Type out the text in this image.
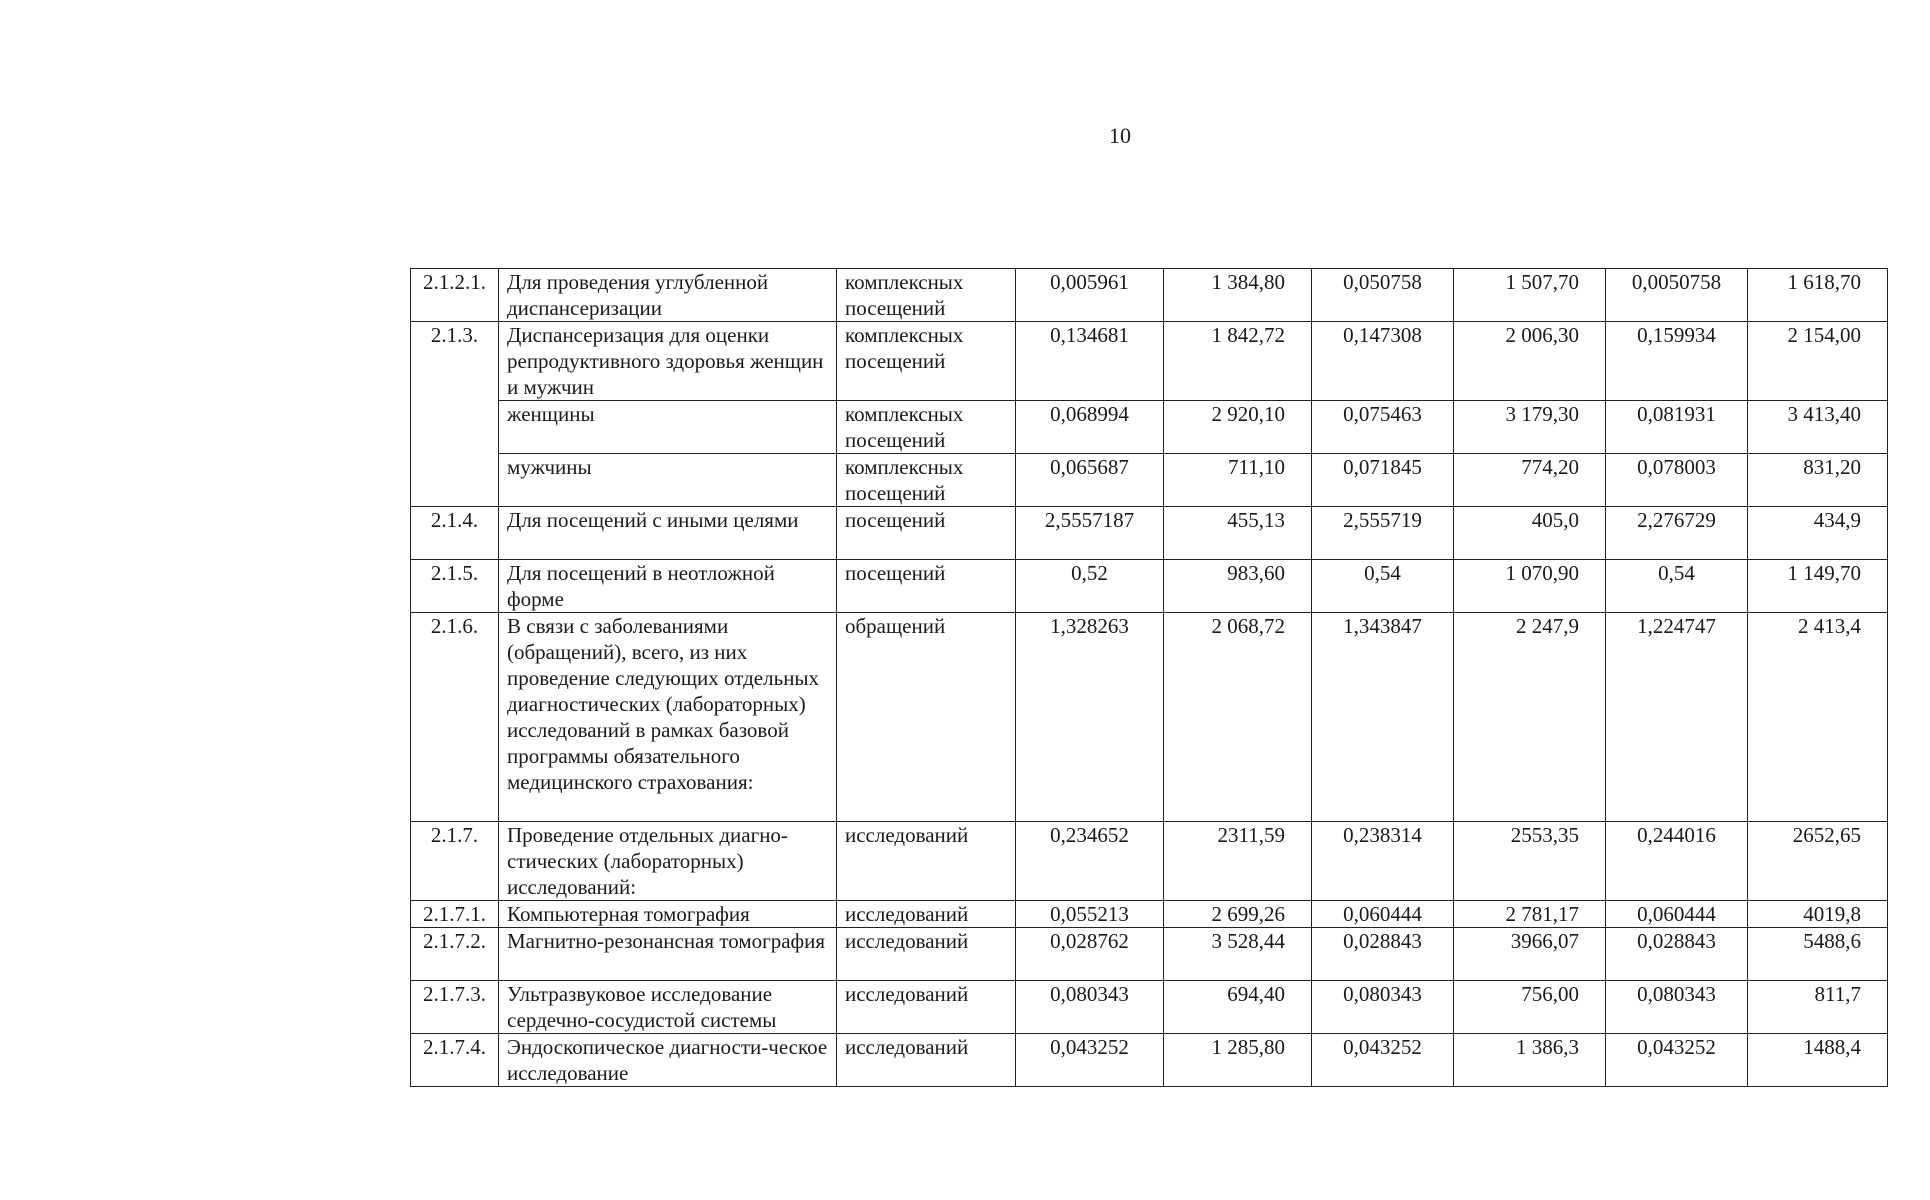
10
2.1.2.1.	Для проведения углубленной диспансеризации	комплексных посещений	0,005961	1 384,80	0,050758	1 507,70	0,0050758	1 618,70
2.1.3.	Диспансеризация для оценки репродуктивного здоровья женщин и мужчин	комплексных посещений	0,134681	1 842,72	0,147308	2 006,30	0,159934	2 154,00
	женщины	комплексных посещений	0,068994	2 920,10	0,075463	3 179,30	0,081931	3 413,40
	мужчины	комплексных посещений	0,065687	711,10	0,071845	774,20	0,078003	831,20
2.1.4.	Для посещений с иными целями	посещений	2,5557187	455,13	2,555719	405,0	2,276729	434,9
2.1.5.	Для посещений в неотложной форме	посещений	0,52	983,60	0,54	1 070,90	0,54	1 149,70
2.1.6.	В связи с заболеваниями (обращений), всего, из них проведение следующих отдельных диагностических (лабораторных) исследований в рамках базовой программы обязательного медицинского страхования:	обращений	1,328263	2 068,72	1,343847	2 247,9	1,224747	2 413,4
2.1.7.	Проведение отдельных диагно-стических (лабораторных) исследований:	исследований	0,234652	2311,59	0,238314	2553,35	0,244016	2652,65
2.1.7.1.	Компьютерная томография	исследований	0,055213	2 699,26	0,060444	2 781,17	0,060444	4019,8
2.1.7.2.	Магнитно-резонансная томография	исследований	0,028762	3 528,44	0,028843	3966,07	0,028843	5488,6
2.1.7.3.	Ультразвуковое исследование сердечно-сосудистой системы	исследований	0,080343	694,40	0,080343	756,00	0,080343	811,7
2.1.7.4.	Эндоскопическое диагности-ческое исследование	исследований	0,043252	1 285,80	0,043252	1 386,3	0,043252	1488,4
